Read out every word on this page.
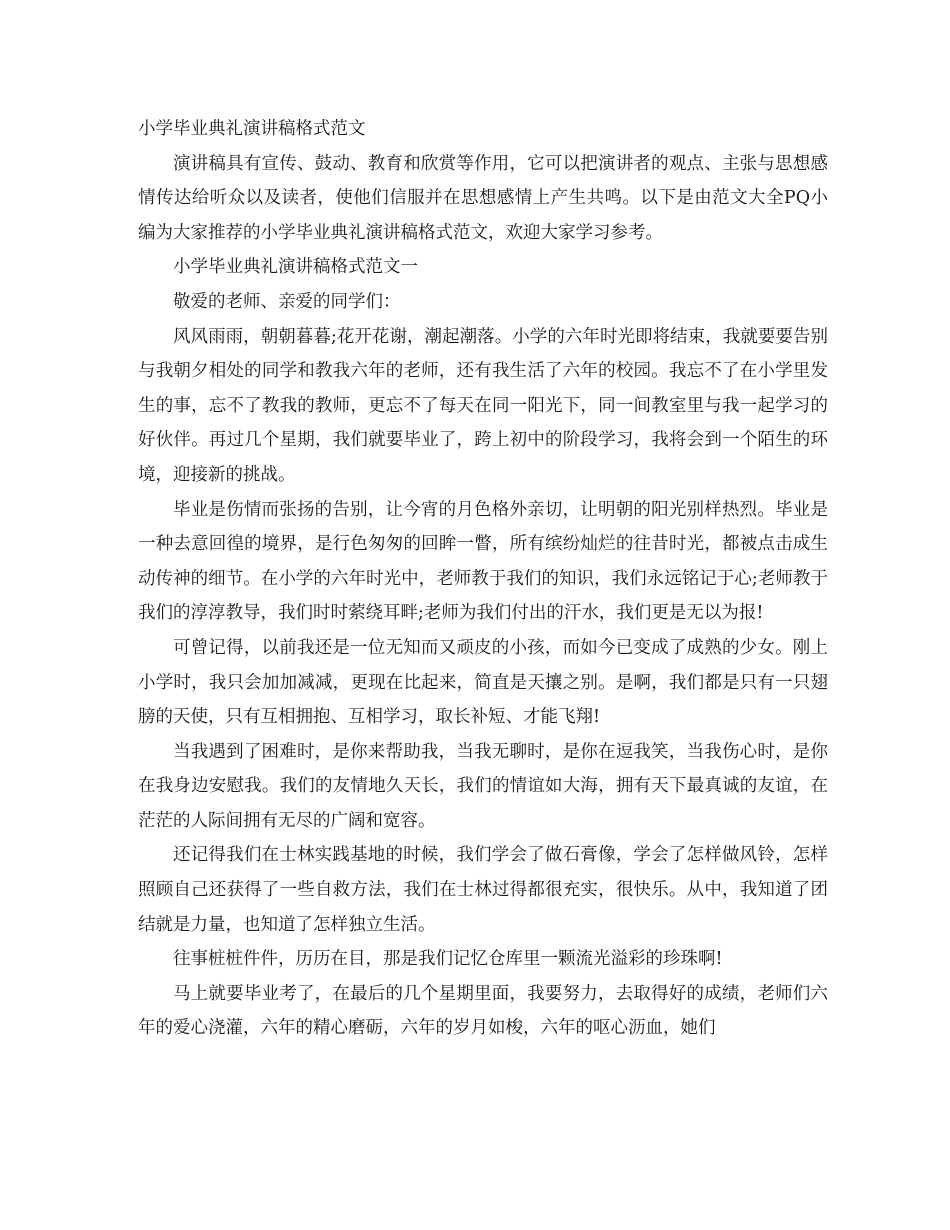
小学毕业典礼演讲稿格式范文

演讲稿具有宣传、鼓动、教育和欣赏等作用，它可以把演讲者的观点、主张与思想感情传达给听众以及读者，使他们信服并在思想感情上产生共鸣。以下是由范文大全PQ小编为大家推荐的小学毕业典礼演讲稿格式范文，欢迎大家学习参考。

小学毕业典礼演讲稿格式范文一

敬爱的老师、亲爱的同学们：

风风雨雨，朝朝暮暮;花开花谢，潮起潮落。小学的六年时光即将结束，我就要要告别与我朝夕相处的同学和教我六年的老师，还有我生活了六年的校园。我忘不了在小学里发生的事，忘不了教我的教师，更忘不了每天在同一阳光下，同一间教室里与我一起学习的好伙伴。再过几个星期，我们就要毕业了，跨上初中的阶段学习，我将会到一个陌生的环境，迎接新的挑战。

毕业是伤情而张扬的告别，让今宵的月色格外亲切，让明朝的阳光别样热烈。毕业是一种去意回徨的境界，是行色匆匆的回眸一瞥，所有缤纷灿烂的往昔时光，都被点击成生动传神的细节。在小学的六年时光中，老师教于我们的知识，我们永远铭记于心;老师教于我们的淳淳教导，我们时时萦绕耳畔;老师为我们付出的汗水，我们更是无以为报!

可曾记得，以前我还是一位无知而又顽皮的小孩，而如今已变成了成熟的少女。刚上小学时，我只会加加减减，更现在比起来，简直是天攘之别。是啊，我们都是只有一只翅膀的天使，只有互相拥抱、互相学习，取长补短、才能飞翔!

当我遇到了困难时，是你来帮助我，当我无聊时，是你在逗我笑，当我伤心时，是你在我身边安慰我。我们的友情地久天长，我们的情谊如大海，拥有天下最真诚的友谊，在茫茫的人际间拥有无尽的广阔和宽容。

还记得我们在士林实践基地的时候，我们学会了做石膏像，学会了怎样做风铃，怎样照顾自己还获得了一些自救方法，我们在士林过得都很充实，很快乐。从中，我知道了团结就是力量，也知道了怎样独立生活。

往事桩桩件件，历历在目，那是我们记忆仓库里一颗流光溢彩的珍珠啊!

马上就要毕业考了，在最后的几个星期里面，我要努力，去取得好的成绩，老师们六年的爱心浇灌，六年的精心磨砺，六年的岁月如梭，六年的呕心沥血，她们
